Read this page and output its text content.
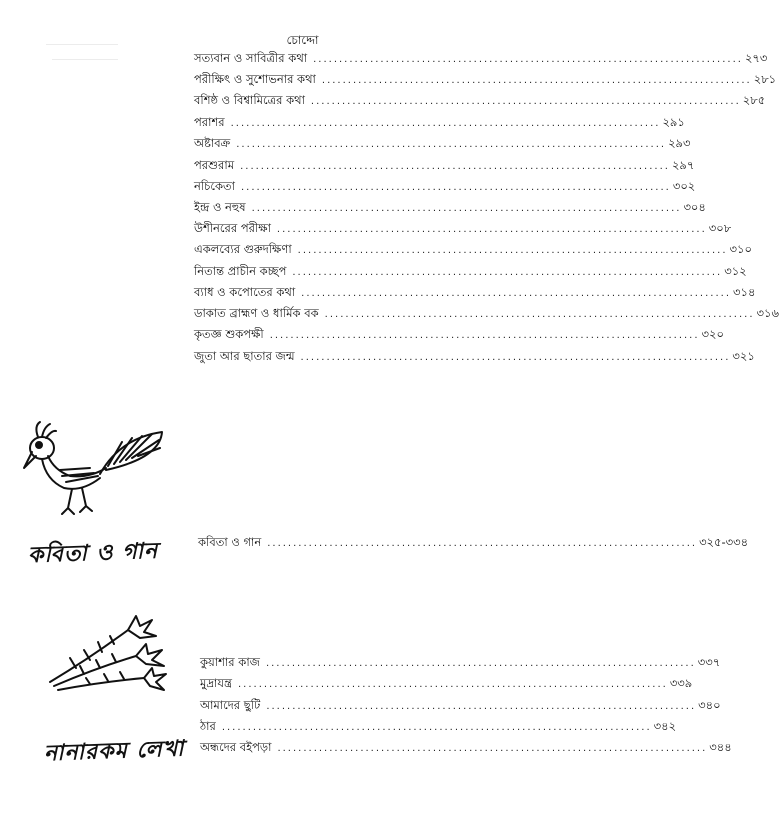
চোদ্দো
সত্যবান ও সাবিত্রীর কথা ................................................................................... ২৭৩
পরীক্ষিৎ ও সুশোভনার কথা ................................................................................... ২৮১
বশিষ্ঠ ও বিশ্বামিত্রের কথা ................................................................................... ২৮৫
পরাশর ................................................................................... ২৯১
অষ্টাবক্র ................................................................................... ২৯৩
পরশুরাম ................................................................................... ২৯৭
নচিকেতা ................................................................................... ৩০২
ইন্দ্র ও নহুষ ................................................................................... ৩০৪
উশীনরের পরীক্ষা ................................................................................... ৩০৮
একলব্যের গুরুদক্ষিণা ................................................................................... ৩১০
নিতান্ত প্রাচীন কচ্ছপ ................................................................................... ৩১২
ব্যাধ ও কপোতের কথা ................................................................................... ৩১৪
ডাকাত ব্রাহ্মণ ও ধার্মিক বক ................................................................................... ৩১৬
কৃতজ্ঞ শুকপক্ষী ................................................................................... ৩২০
জুতা আর ছাতার জন্ম ................................................................................... ৩২১
কবিতা ও গান	কবিতা ও গান ................................................................................... ৩২৫-৩৩৪
নানারকম লেখা
কুয়াশার কাজ ................................................................................... ৩৩৭
মুদ্রাযন্ত্র ................................................................................... ৩৩৯
আমাদের ছুটি ................................................................................... ৩৪০
ঠার ................................................................................... ৩৪২
অন্ধদের বইপড়া ................................................................................... ৩৪৪
